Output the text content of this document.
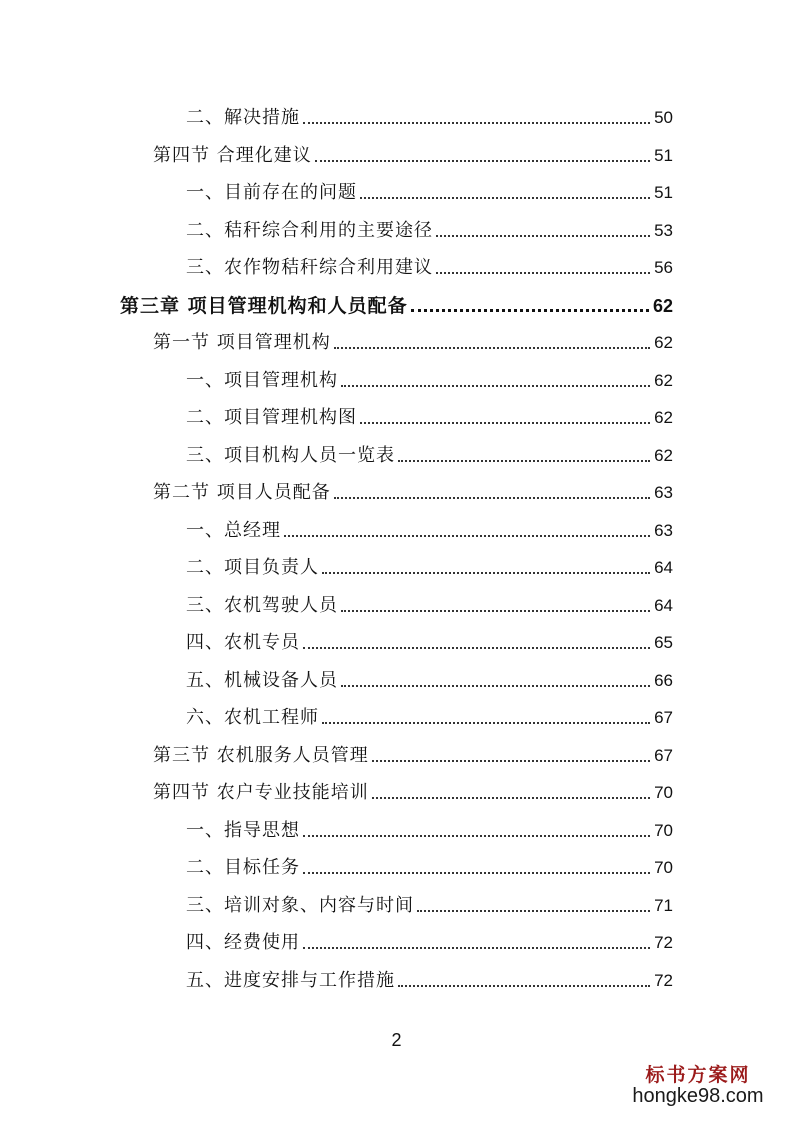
二、解决措施	50
第四节 合理化建议	51
一、目前存在的问题	51
二、秸秆综合利用的主要途径	53
三、农作物秸秆综合利用建议	56
第三章 项目管理机构和人员配备	62
第一节 项目管理机构	62
一、项目管理机构	62
二、项目管理机构图	62
三、项目机构人员一览表	62
第二节 项目人员配备	63
一、总经理	63
二、项目负责人	64
三、农机驾驶人员	64
四、农机专员	65
五、机械设备人员	66
六、农机工程师	67
第三节 农机服务人员管理	67
第四节 农户专业技能培训	70
一、指导思想	70
二、目标任务	70
三、培训对象、内容与时间	71
四、经费使用	72
五、进度安排与工作措施	72
2
标书方案网
hongke98.com
